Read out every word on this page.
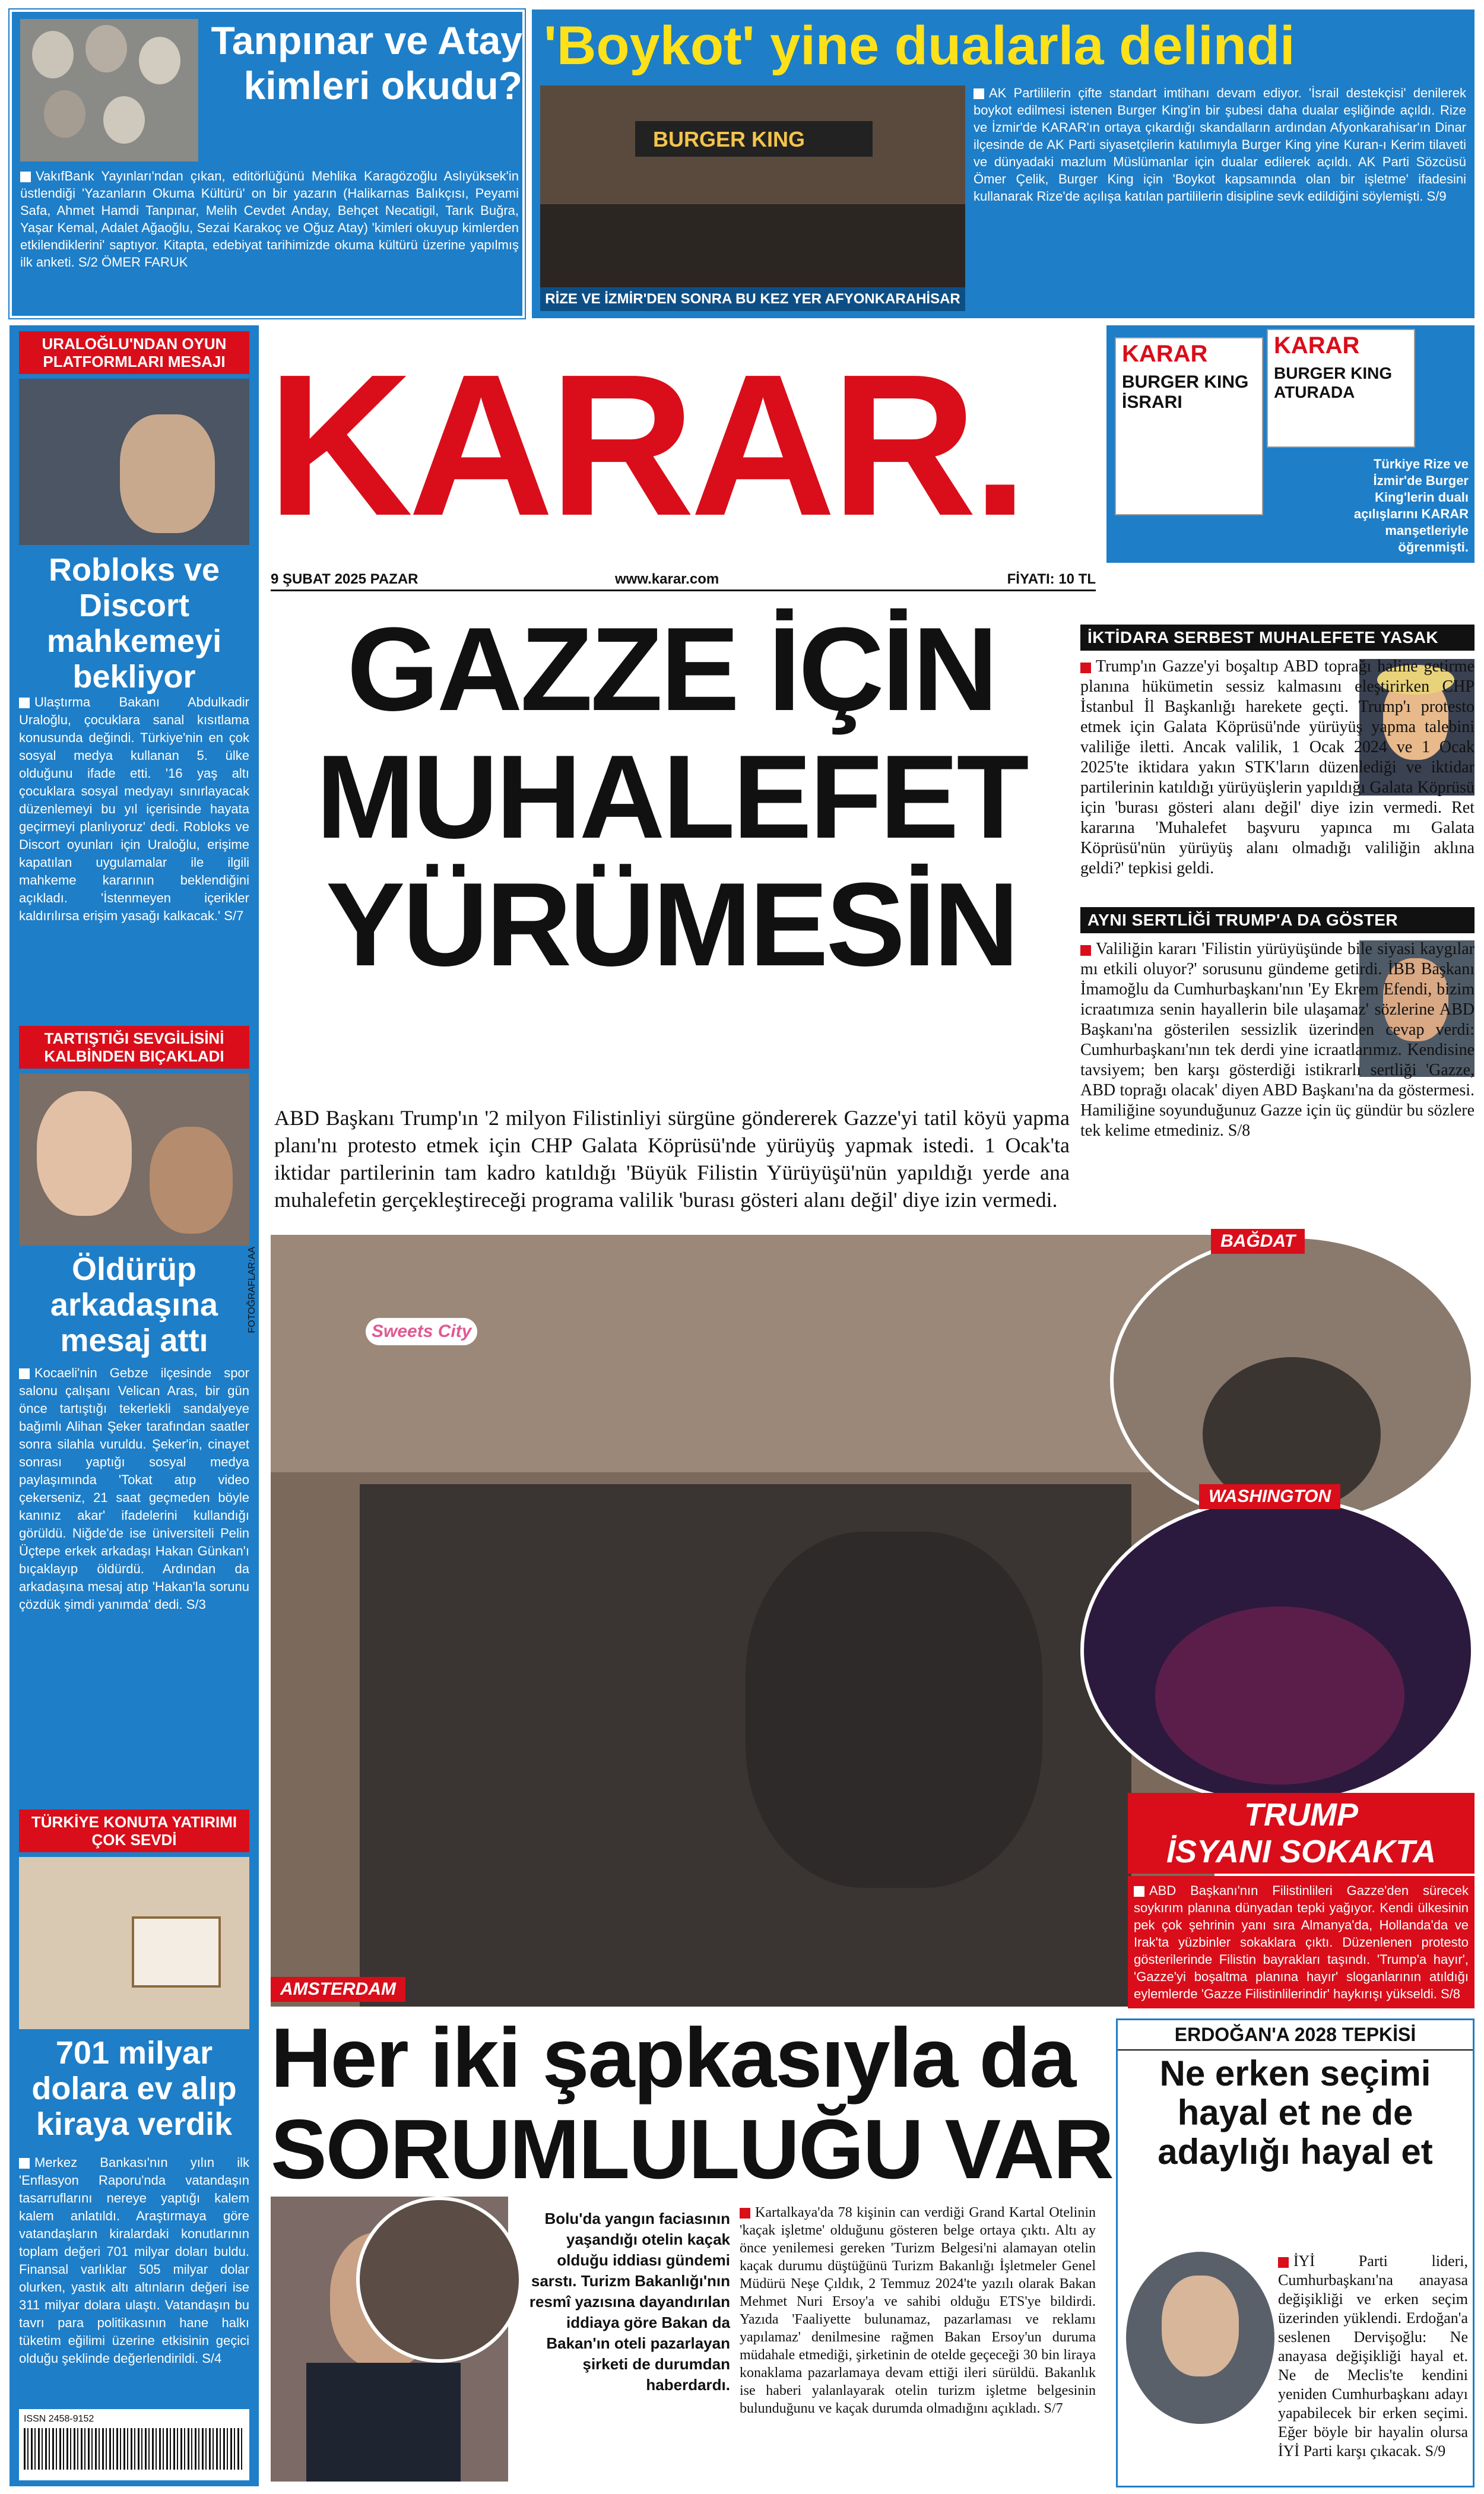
Tanpınar ve Atay
kimleri okudu?
VakıfBank Yayınları'ndan çıkan, editörlüğünü Mehlika Karagözoğlu Aslıyüksek'in üstlendiği 'Yazanların Okuma Kültürü' on bir yazarın (Halikarnas Balıkçısı, Peyami Safa, Ahmet Hamdi Tanpınar, Melih Cevdet Anday, Behçet Necatigil, Tarık Buğra, Yaşar Kemal, Adalet Ağaoğlu, Sezai Karakoç ve Oğuz Atay) 'kimleri okuyup kimlerden etkilendiklerini' saptıyor. Kitapta, edebiyat tarihimizde okuma kültürü üzerine yapılmış ilk anketi. S/2 ÖMER FARUK
'Boykot' yine dualarla delindi
BURGER KING
RİZE VE İZMİR'DEN SONRA BU KEZ YER AFYONKARAHİSAR
AK Partililerin çifte standart imtihanı devam ediyor. 'İsrail destekçisi' denilerek boykot edilmesi istenen Burger King'in bir şubesi daha dualar eşliğinde açıldı. Rize ve İzmir'de KARAR'ın ortaya çıkardığı skandalların ardından Afyonkarahisar'ın Dinar ilçesinde de AK Parti siyasetçilerin katılımıyla Burger King yine Kuran-ı Kerim tilaveti ve dünyadaki mazlum Müslümanlar için dualar edilerek açıldı. AK Parti Sözcüsü Ömer Çelik, Burger King için 'Boykot kapsamında olan bir işletme' ifadesini kullanarak Rize'de açılışa katılan partililerin disipline sevk edildiğini söylemişti. S/9
URALOĞLU'NDAN OYUN PLATFORMLARI MESAJI
Robloks ve Discort mahkemeyi bekliyor
Ulaştırma Bakanı Abdulkadir Uraloğlu, çocuklara sanal kısıtlama konusunda değindi. Türkiye'nin en çok sosyal medya kullanan 5. ülke olduğunu ifade etti. '16 yaş altı çocuklara sosyal medyayı sınırlayacak düzenlemeyi bu yıl içerisinde hayata geçirmeyi planlıyoruz' dedi. Robloks ve Discort oyunları için Uraloğlu, erişime kapatılan uygulamalar ile ilgili mahkeme kararının beklendiğini açıkladı. 'İstenmeyen içerikler kaldırılırsa erişim yasağı kalkacak.' S/7
TARTIŞTIĞI SEVGİLİSİNİ KALBİNDEN BIÇAKLADI
Öldürüp arkadaşına mesaj attı
Kocaeli'nin Gebze ilçesinde spor salonu çalışanı Velican Aras, bir gün önce tartıştığı tekerlekli sandalyeye bağımlı Alihan Şeker tarafından saatler sonra silahla vuruldu. Şeker'in, cinayet sonrası yaptığı sosyal medya paylaşımında 'Tokat atıp video çekerseniz, 21 saat geçmeden böyle kanınız akar' ifadelerini kullandığı görüldü. Niğde'de ise üniversiteli Pelin Üçtepe erkek arkadaşı Hakan Günkan'ı bıçaklayıp öldürdü. Ardından da arkadaşına mesaj atıp 'Hakan'la sorunu çözdük şimdi yanımda' dedi. S/3
TÜRKİYE KONUTA YATIRIMI ÇOK SEVDİ
701 milyar dolara ev alıp kiraya verdik
Merkez Bankası'nın yılın ilk 'Enflasyon Raporu'nda vatandaşın tasarruflarını nereye yaptığı kalem kalem anlatıldı. Araştırmaya göre vatandaşların kiralardaki konutlarının toplam değeri 701 milyar doları buldu. Finansal varlıklar 505 milyar dolar olurken, yastık altı altınların değeri ise 311 milyar dolara ulaştı. Vatandaşın bu tavrı para politikasının hane halkı tüketim eğilimi üzerine etkisinin geçici olduğu şeklinde değerlendirildi. S/4
ISSN 2458-9152
KARAR.
9 ŞUBAT 2025 PAZAR	www.karar.com	FİYATI: 10 TL
KARAR
BURGER KING İSRARI
KARAR
BURGER KING ATURADA
Türkiye Rize ve İzmir'de Burger King'lerin dualı açılışlarını KARAR manşetleriyle öğrenmişti.
GAZZE İÇİN
MUHALEFET
YÜRÜMESİN
ABD Başkanı Trump'ın '2 milyon Filistinliyi sürgüne göndererek Gazze'yi tatil köyü yapma planı'nı protesto etmek için CHP Galata Köprüsü'nde yürüyüş yapmak istedi. 1 Ocak'ta iktidar partilerinin tam kadro katıldığı 'Büyük Filistin Yürüyüşü'nün yapıldığı yerde ana muhalefetin gerçekleştireceği programa valilik 'burası gösteri alanı değil' diye izin vermedi.
İKTİDARA SERBEST MUHALEFETE YASAK
Trump'ın Gazze'yi boşaltıp ABD toprağı haline getirme planına hükümetin sessiz kalmasını eleştirirken CHP İstanbul İl Başkanlığı harekete geçti. Trump'ı protesto etmek için Galata Köprüsü'nde yürüyüş yapma talebini valiliğe iletti. Ancak valilik, 1 Ocak 2024 ve 1 Ocak 2025'te iktidara yakın STK'ların düzenlediği ve iktidar partilerinin katıldığı yürüyüşlerin yapıldığı Galata Köprüsü için 'burası gösteri alanı değil' diye izin vermedi. Ret kararına 'Muhalefet başvuru yapınca mı Galata Köprüsü'nün yürüyüş alanı olmadığı valiliğin aklına geldi?' tepkisi geldi.
AYNI SERTLİĞİ TRUMP'A DA GÖSTER
Valiliğin kararı 'Filistin yürüyüşünde bile siyasi kaygılar mı etkili oluyor?' sorusunu gündeme getirdi. İBB Başkanı İmamoğlu da Cumhurbaşkanı'nın 'Ey Ekrem Efendi, bizim icraatımıza senin hayallerin bile ulaşamaz' sözlerine ABD Başkanı'na gösterilen sessizlik üzerinden cevap verdi: Cumhurbaşkanı'nın tek derdi yine icraatlarımız. Kendisine tavsiyem; ben karşı gösterdiği istikrarlı sertliği 'Gazze, ABD toprağı olacak' diyen ABD Başkanı'na da göstermesi. Hamiliğine soyunduğunuz Gazze için üç gündür bu sözlere tek kelime etmediniz. S/8
Sweets City
FOTOĞRAFLAR:AA
AMSTERDAM
BAĞDAT
WASHINGTON
TRUMP
İSYANI SOKAKTA
ABD Başkanı'nın Filistinlileri Gazze'den sürecek soykırım planına dünyadan tepki yağıyor. Kendi ülkesinin pek çok şehrinin yanı sıra Almanya'da, Hollanda'da ve Irak'ta yüzbinler sokaklara çıktı. Düzenlenen protesto gösterilerinde Filistin bayrakları taşındı. 'Trump'a hayır', 'Gazze'yi boşaltma planına hayır' sloganlarının atıldığı eylemlerde 'Gazze Filistinlilerindir' haykırışı yükseldi. S/8
Her iki şapkasıyla da
SORUMLULUĞU VAR
Bolu'da yangın faciasının yaşandığı otelin kaçak olduğu iddiası gündemi sarstı. Turizm Bakanlığı'nın resmî yazısına dayandırılan iddiaya göre Bakan da Bakan'ın oteli pazarlayan şirketi de durumdan haberdardı.
Kartalkaya'da 78 kişinin can verdiği Grand Kartal Otelinin 'kaçak işletme' olduğunu gösteren belge ortaya çıktı. Altı ay önce yenilemesi gereken 'Turizm Belgesi'ni alamayan otelin kaçak durumu düştüğünü Turizm Bakanlığı İşletmeler Genel Müdürü Neşe Çıldık, 2 Temmuz 2024'te yazılı olarak Bakan Mehmet Nuri Ersoy'a ve sahibi olduğu ETS'ye bildirdi. Yazıda 'Faaliyette bulunamaz, pazarlaması ve reklamı yapılamaz' denilmesine rağmen Bakan Ersoy'un duruma müdahale etmediği, şirketinin de otelde geçeceği 30 bin liraya konaklama pazarlamaya devam ettiği ileri sürüldü. Bakanlık ise haberi yalanlayarak otelin turizm işletme belgesinin bulunduğunu ve kaçak durumda olmadığını açıkladı. S/7
ERDOĞAN'A 2028 TEPKİSİ
Ne erken seçimi hayal et ne de adaylığı hayal et
İYİ Parti lideri, Cumhurbaşkanı'na anayasa değişikliği ve erken seçim üzerinden yüklendi. Erdoğan'a seslenen Dervişoğlu: Ne anayasa değişikliği hayal et. Ne de Meclis'te kendini yeniden Cumhurbaşkanı adayı yapabilecek bir erken seçimi. Eğer böyle bir hayalin olursa İYİ Parti karşı çıkacak. S/9
